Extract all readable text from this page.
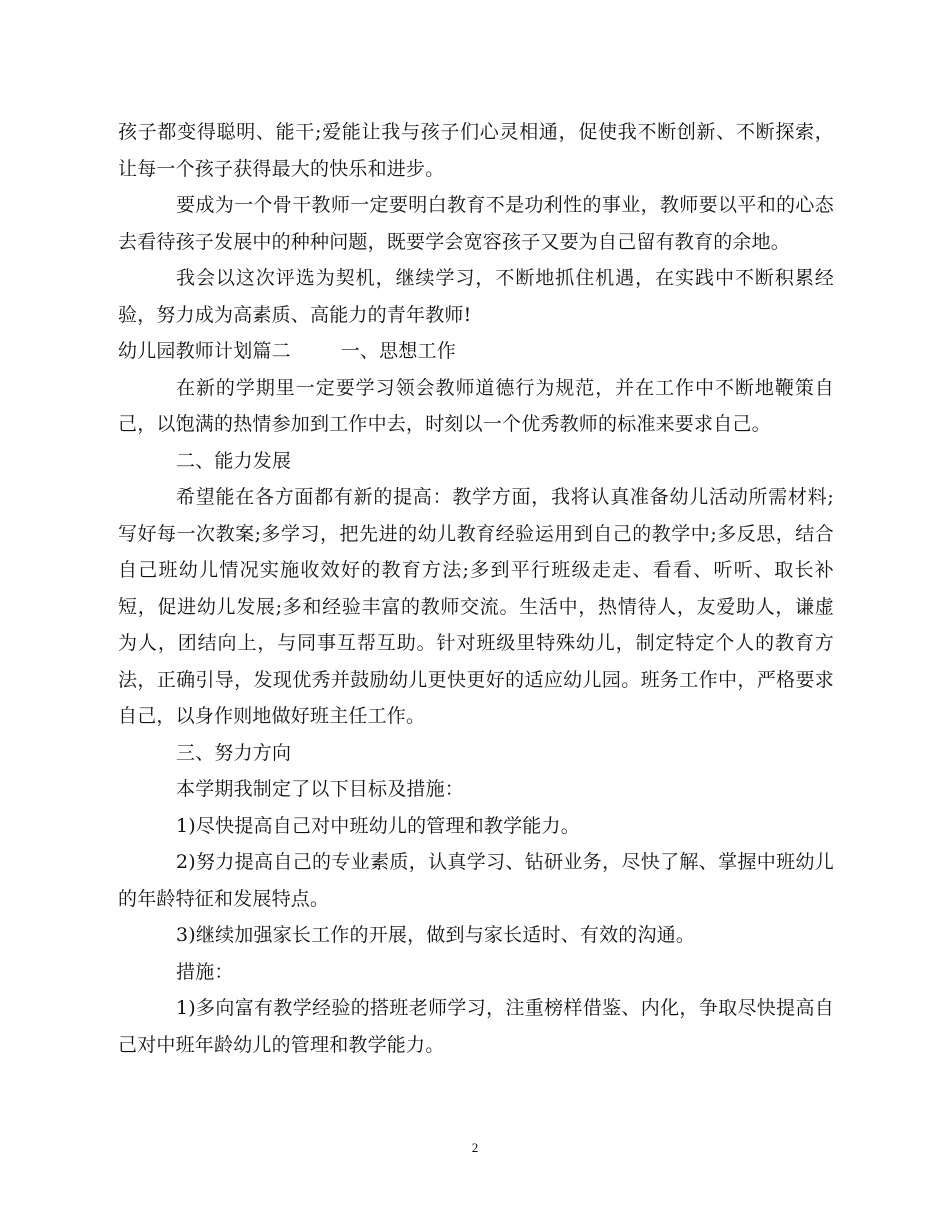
孩子都变得聪明、能干;爱能让我与孩子们心灵相通，促使我不断创新、不断探索，让每一个孩子获得最大的快乐和进步。

要成为一个骨干教师一定要明白教育不是功利性的事业，教师要以平和的心态去看待孩子发展中的种种问题，既要学会宽容孩子又要为自己留有教育的余地。

我会以这次评选为契机，继续学习，不断地抓住机遇，在实践中不断积累经验，努力成为高素质、高能力的青年教师!

幼儿园教师计划篇二        一、思想工作

在新的学期里一定要学习领会教师道德行为规范，并在工作中不断地鞭策自己，以饱满的热情参加到工作中去，时刻以一个优秀教师的标准来要求自己。

二、能力发展

希望能在各方面都有新的提高：教学方面，我将认真准备幼儿活动所需材料;写好每一次教案;多学习，把先进的幼儿教育经验运用到自己的教学中;多反思，结合自己班幼儿情况实施收效好的教育方法;多到平行班级走走、看看、听听、取长补短，促进幼儿发展;多和经验丰富的教师交流。生活中，热情待人，友爱助人，谦虚为人，团结向上，与同事互帮互助。针对班级里特殊幼儿，制定特定个人的教育方法，正确引导，发现优秀并鼓励幼儿更快更好的适应幼儿园。班务工作中，严格要求自己，以身作则地做好班主任工作。

三、努力方向

本学期我制定了以下目标及措施：

1)尽快提高自己对中班幼儿的管理和教学能力。

2)努力提高自己的专业素质，认真学习、钻研业务，尽快了解、掌握中班幼儿的年龄特征和发展特点。

3)继续加强家长工作的开展，做到与家长适时、有效的沟通。

措施：

1)多向富有教学经验的搭班老师学习，注重榜样借鉴、内化，争取尽快提高自己对中班年龄幼儿的管理和教学能力。

2
